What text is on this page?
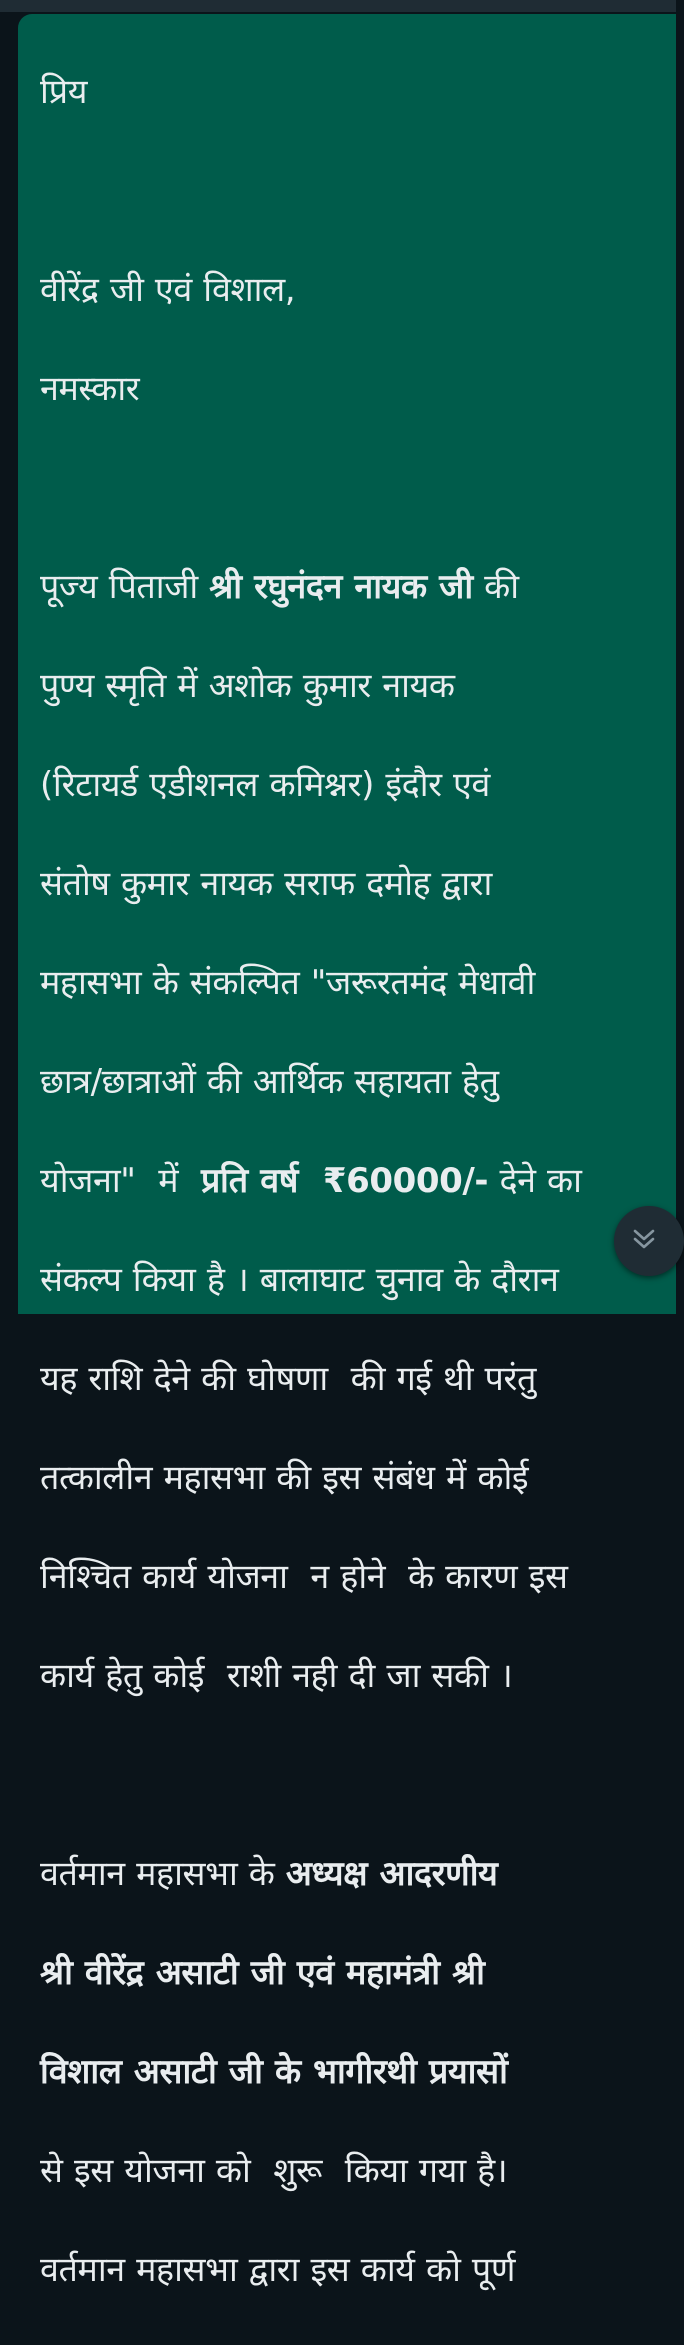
प्रिय

वीरेंद्र जी एवं विशाल,

नमस्कार

पूज्य पिताजी श्री रघुनंदन नायक जी की

पुण्य स्मृति में अशोक कुमार नायक

(रिटायर्ड एडीशनल कमिश्नर) इंदौर एवं

संतोष कुमार नायक सराफ दमोह द्वारा

महासभा के संकल्पित "जरूरतमंद मेधावी

छात्र/छात्राओं की आर्थिक सहायता हेतु

योजना"  में  प्रति वर्ष  ₹60000/- देने का

संकल्प किया है । बालाघाट चुनाव के दौरान

यह राशि देने की घोषणा  की गई थी परंतु

तत्कालीन महासभा की इस संबंध में कोई

निश्चित कार्य योजना  न होने  के कारण इस

कार्य हेतु कोई  राशी नही दी जा सकी ।

वर्तमान महासभा के अध्यक्ष आदरणीय

श्री वीरेंद्र असाटी जी एवं महामंत्री श्री

विशाल असाटी जी के भागीरथी प्रयासों

से इस योजना को  शुरू  किया गया है।

वर्तमान महासभा द्वारा इस कार्य को पूर्ण
